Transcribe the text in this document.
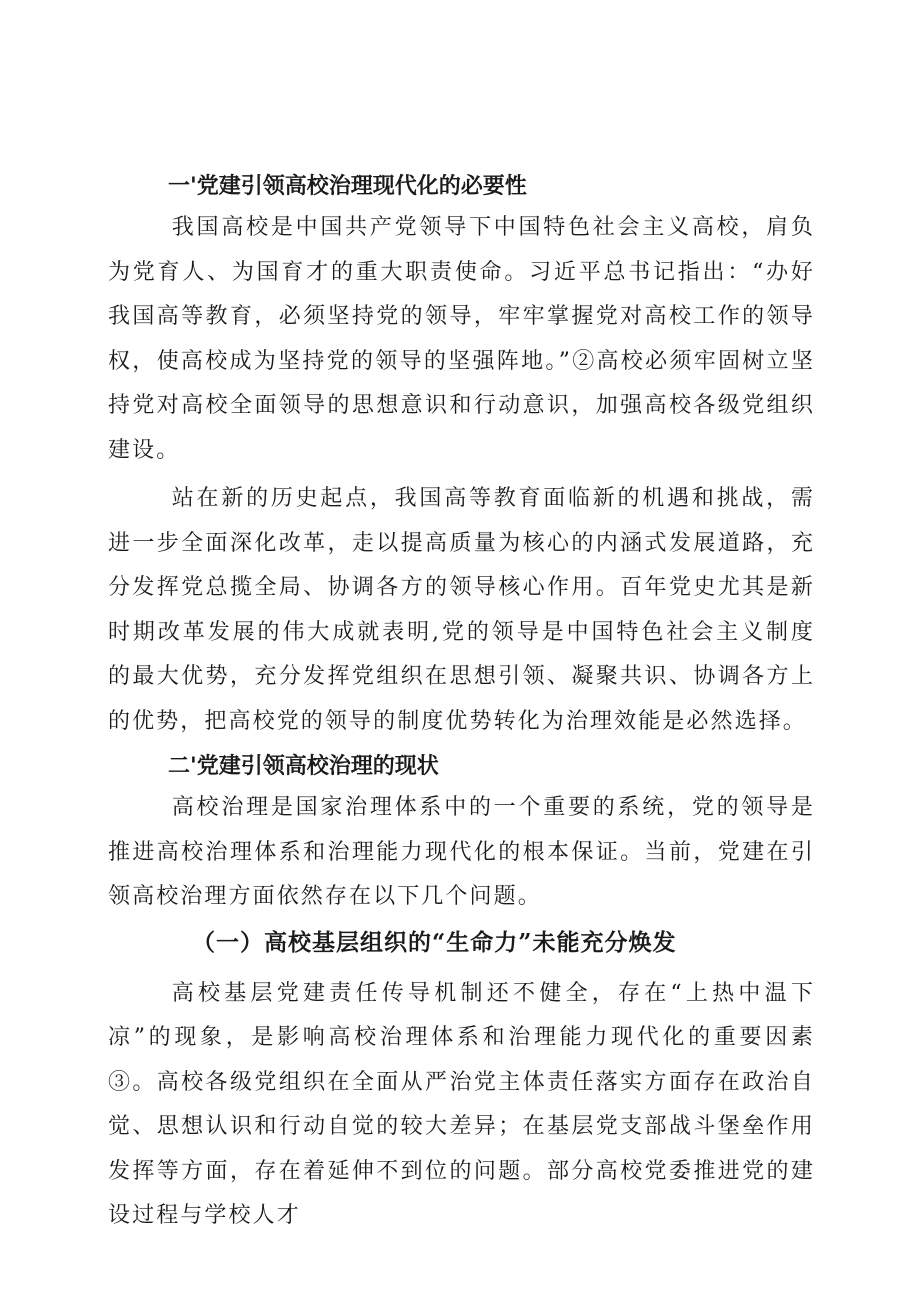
一'党建引领高校治理现代化的必要性

我国高校是中国共产党领导下中国特色社会主义高校，肩负为党育人、为国育才的重大职责使命。习近平总书记指出：“办好我国高等教育，必须坚持党的领导，牢牢掌握党对高校工作的领导权，使高校成为坚持党的领导的坚强阵地。”②高校必须牢固树立坚持党对高校全面领导的思想意识和行动意识，加强高校各级党组织建设。

站在新的历史起点，我国高等教育面临新的机遇和挑战，需进一步全面深化改革，走以提高质量为核心的内涵式发展道路，充分发挥党总揽全局、协调各方的领导核心作用。百年党史尤其是新时期改革发展的伟大成就表明,党的领导是中国特色社会主义制度的最大优势，充分发挥党组织在思想引领、凝聚共识、协调各方上的优势，把高校党的领导的制度优势转化为治理效能是必然选择。

二'党建引领高校治理的现状

高校治理是国家治理体系中的一个重要的系统，党的领导是推进高校治理体系和治理能力现代化的根本保证。当前，党建在引领高校治理方面依然存在以下几个问题。

（一）高校基层组织的“生命力”未能充分焕发

高校基层党建责任传导机制还不健全，存在“上热中温下凉”的现象，是影响高校治理体系和治理能力现代化的重要因素③。高校各级党组织在全面从严治党主体责任落实方面存在政治自觉、思想认识和行动自觉的较大差异；在基层党支部战斗堡垒作用发挥等方面，存在着延伸不到位的问题。部分高校党委推进党的建设过程与学校人才
